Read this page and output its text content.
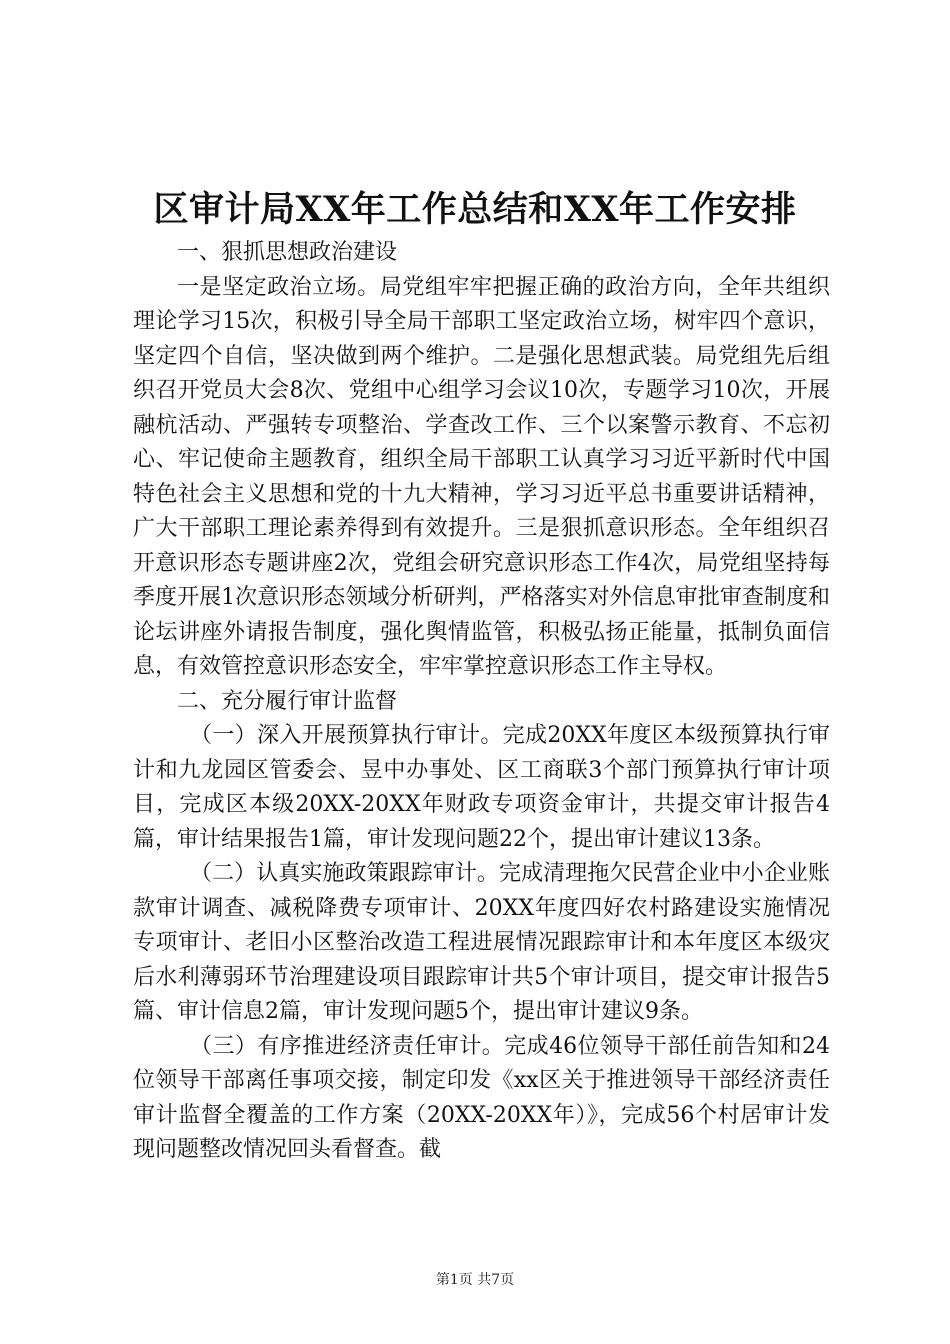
区审计局XX年工作总结和XX年工作安排

一、狠抓思想政治建设

一是坚定政治立场。局党组牢牢把握正确的政治方向，全年共组织理论学习15次，积极引导全局干部职工坚定政治立场，树牢四个意识，坚定四个自信，坚决做到两个维护。二是强化思想武装。局党组先后组织召开党员大会8次、党组中心组学习会议10次，专题学习10次，开展融杭活动、严强转专项整治、学查改工作、三个以案警示教育、不忘初心、牢记使命主题教育，组织全局干部职工认真学习习近平新时代中国特色社会主义思想和党的十九大精神，学习习近平总书重要讲话精神，广大干部职工理论素养得到有效提升。三是狠抓意识形态。全年组织召开意识形态专题讲座2次，党组会研究意识形态工作4次，局党组坚持每季度开展1次意识形态领域分析研判，严格落实对外信息审批审查制度和论坛讲座外请报告制度，强化舆情监管，积极弘扬正能量，抵制负面信息，有效管控意识形态安全，牢牢掌控意识形态工作主导权。

二、充分履行审计监督

（一）深入开展预算执行审计。完成20XX年度区本级预算执行审计和九龙园区管委会、昱中办事处、区工商联3个部门预算执行审计项目，完成区本级20XX-20XX年财政专项资金审计，共提交审计报告4篇，审计结果报告1篇，审计发现问题22个，提出审计建议13条。

（二）认真实施政策跟踪审计。完成清理拖欠民营企业中小企业账款审计调查、减税降费专项审计、20XX年度四好农村路建设实施情况专项审计、老旧小区整治改造工程进展情况跟踪审计和本年度区本级灾后水利薄弱环节治理建设项目跟踪审计共5个审计项目，提交审计报告5篇、审计信息2篇，审计发现问题5个，提出审计建议9条。

（三）有序推进经济责任审计。完成46位领导干部任前告知和24位领导干部离任事项交接，制定印发《xx区关于推进领导干部经济责任审计监督全覆盖的工作方案（20XX-20XX年）》，完成56个村居审计发现问题整改情况回头看督查。截

第1页 共7页
